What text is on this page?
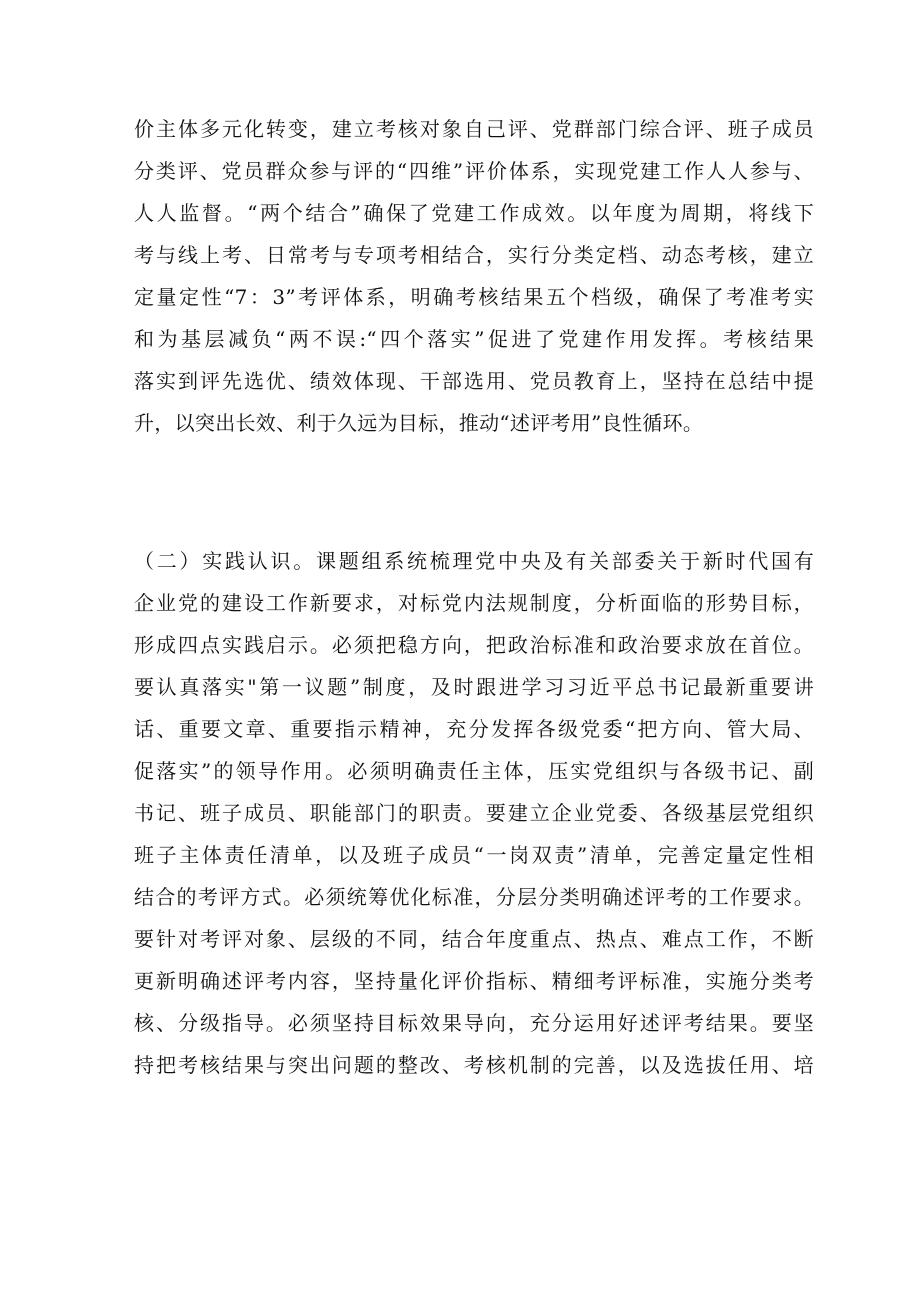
价主体多元化转变，建立考核对象自己评、党群部门综合评、班子成员
分类评、党员群众参与评的“四维”评价体系，实现党建工作人人参与、
人人监督。“两个结合”确保了党建工作成效。以年度为周期，将线下
考与线上考、日常考与专项考相结合，实行分类定档、动态考核，建立
定量定性“7：3”考评体系，明确考核结果五个档级，确保了考准考实
和为基层减负“两不误:“四个落实”促进了党建作用发挥。考核结果
落实到评先选优、绩效体现、干部选用、党员教育上，坚持在总结中提
升，以突出长效、利于久远为目标，推动“述评考用”良性循环。
（二）实践认识。课题组系统梳理党中央及有关部委关于新时代国有
企业党的建设工作新要求，对标党内法规制度，分析面临的形势目标，
形成四点实践启示。必须把稳方向，把政治标准和政治要求放在首位。
要认真落实"第一议题”制度，及时跟进学习习近平总书记最新重要讲
话、重要文章、重要指示精神，充分发挥各级党委“把方向、管大局、
促落实”的领导作用。必须明确责任主体，压实党组织与各级书记、副
书记、班子成员、职能部门的职责。要建立企业党委、各级基层党组织
班子主体责任清单，以及班子成员“一岗双责”清单，完善定量定性相
结合的考评方式。必须统筹优化标准，分层分类明确述评考的工作要求。
要针对考评对象、层级的不同，结合年度重点、热点、难点工作，不断
更新明确述评考内容，坚持量化评价指标、精细考评标准，实施分类考
核、分级指导。必须坚持目标效果导向，充分运用好述评考结果。要坚
持把考核结果与突出问题的整改、考核机制的完善，以及选拔任用、培
